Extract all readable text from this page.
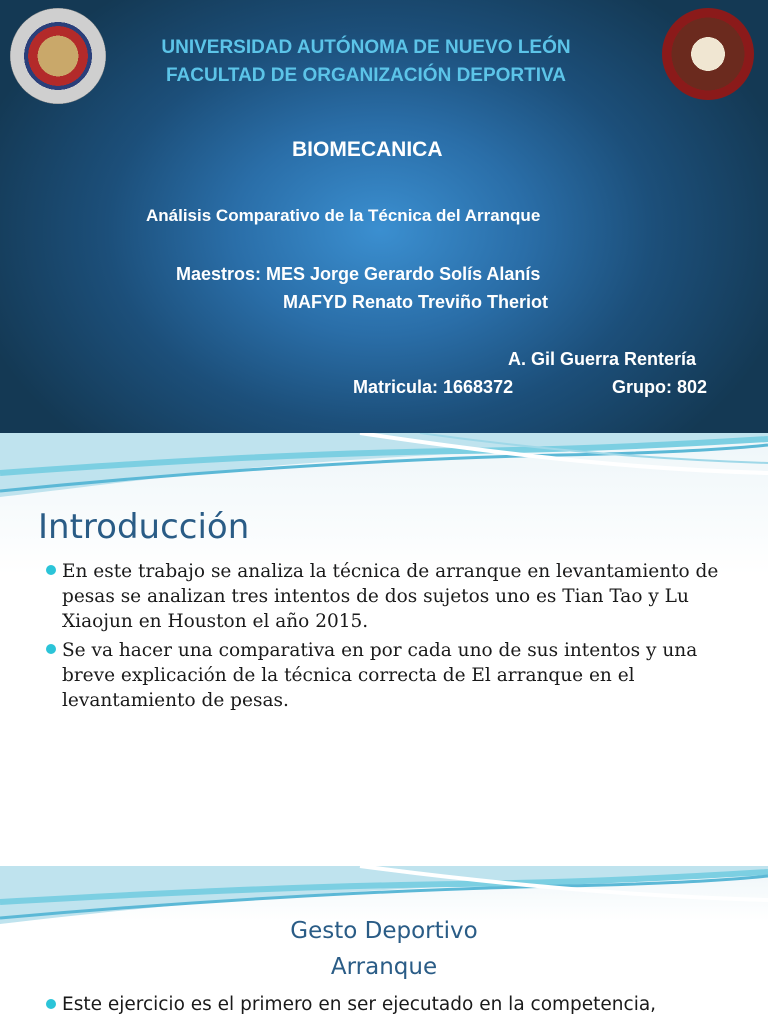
UNIVERSIDAD AUTÓNOMA DE NUEVO LEÓN
FACULTAD DE ORGANIZACIÓN DEPORTIVA
BIOMECANICA
Análisis Comparativo de la Técnica del Arranque
Maestros: MES Jorge Gerardo Solís Alanís
MAFYD Renato Treviño Theriot
A. Gil Guerra Rentería
Matricula: 1668372	Grupo: 802
Introducción
En este trabajo se analiza la técnica de arranque en levantamiento de pesas se analizan tres intentos de dos sujetos uno es Tian Tao y Lu Xiaojun en Houston el año 2015.
Se va hacer una comparativa en por cada uno de sus intentos y una breve explicación de la técnica correcta de El arranque en el levantamiento de pesas.
Gesto Deportivo
Arranque
Este ejercicio es el primero en ser ejecutado en la competencia,
